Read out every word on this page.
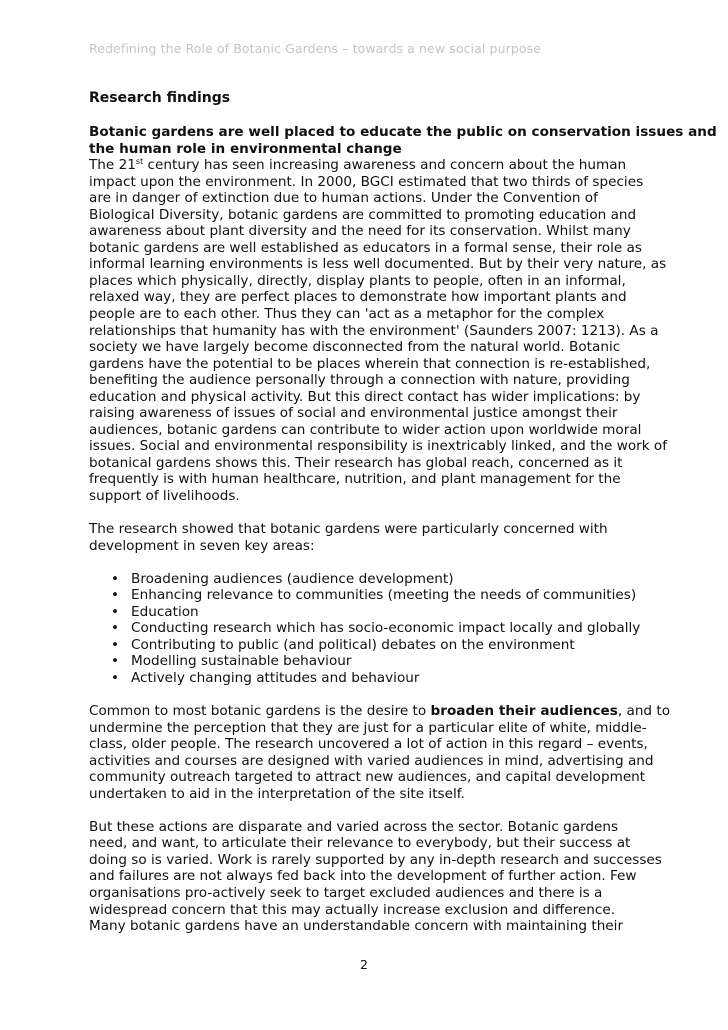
Redefining the Role of Botanic Gardens – towards a new social purpose
Research findings

Botanic gardens are well placed to educate the public on conservation issues and
the human role in environmental change

The 21st century has seen increasing awareness and concern about the human
impact upon the environment. In 2000, BGCI estimated that two thirds of species
are in danger of extinction due to human actions. Under the Convention of
Biological Diversity, botanic gardens are committed to promoting education and
awareness about plant diversity and the need for its conservation. Whilst many
botanic gardens are well established as educators in a formal sense, their role as
informal learning environments is less well documented. But by their very nature, as
places which physically, directly, display plants to people, often in an informal,
relaxed way, they are perfect places to demonstrate how important plants and
people are to each other. Thus they can 'act as a metaphor for the complex
relationships that humanity has with the environment' (Saunders 2007: 1213). As a
society we have largely become disconnected from the natural world. Botanic
gardens have the potential to be places wherein that connection is re-established,
benefiting the audience personally through a connection with nature, providing
education and physical activity. But this direct contact has wider implications: by
raising awareness of issues of social and environmental justice amongst their
audiences, botanic gardens can contribute to wider action upon worldwide moral
issues. Social and environmental responsibility is inextricably linked, and the work of
botanical gardens shows this. Their research has global reach, concerned as it
frequently is with human healthcare, nutrition, and plant management for the
support of livelihoods.

The research showed that botanic gardens were particularly concerned with
development in seven key areas:

• Broadening audiences (audience development)
• Enhancing relevance to communities (meeting the needs of communities)
• Education
• Conducting research which has socio-economic impact locally and globally
• Contributing to public (and political) debates on the environment
• Modelling sustainable behaviour
• Actively changing attitudes and behaviour

Common to most botanic gardens is the desire to broaden their audiences, and to
undermine the perception that they are just for a particular elite of white, middle-
class, older people. The research uncovered a lot of action in this regard – events,
activities and courses are designed with varied audiences in mind, advertising and
community outreach targeted to attract new audiences, and capital development
undertaken to aid in the interpretation of the site itself.

But these actions are disparate and varied across the sector. Botanic gardens
need, and want, to articulate their relevance to everybody, but their success at
doing so is varied. Work is rarely supported by any in-depth research and successes
and failures are not always fed back into the development of further action. Few
organisations pro-actively seek to target excluded audiences and there is a
widespread concern that this may actually increase exclusion and difference.
Many botanic gardens have an understandable concern with maintaining their

2
